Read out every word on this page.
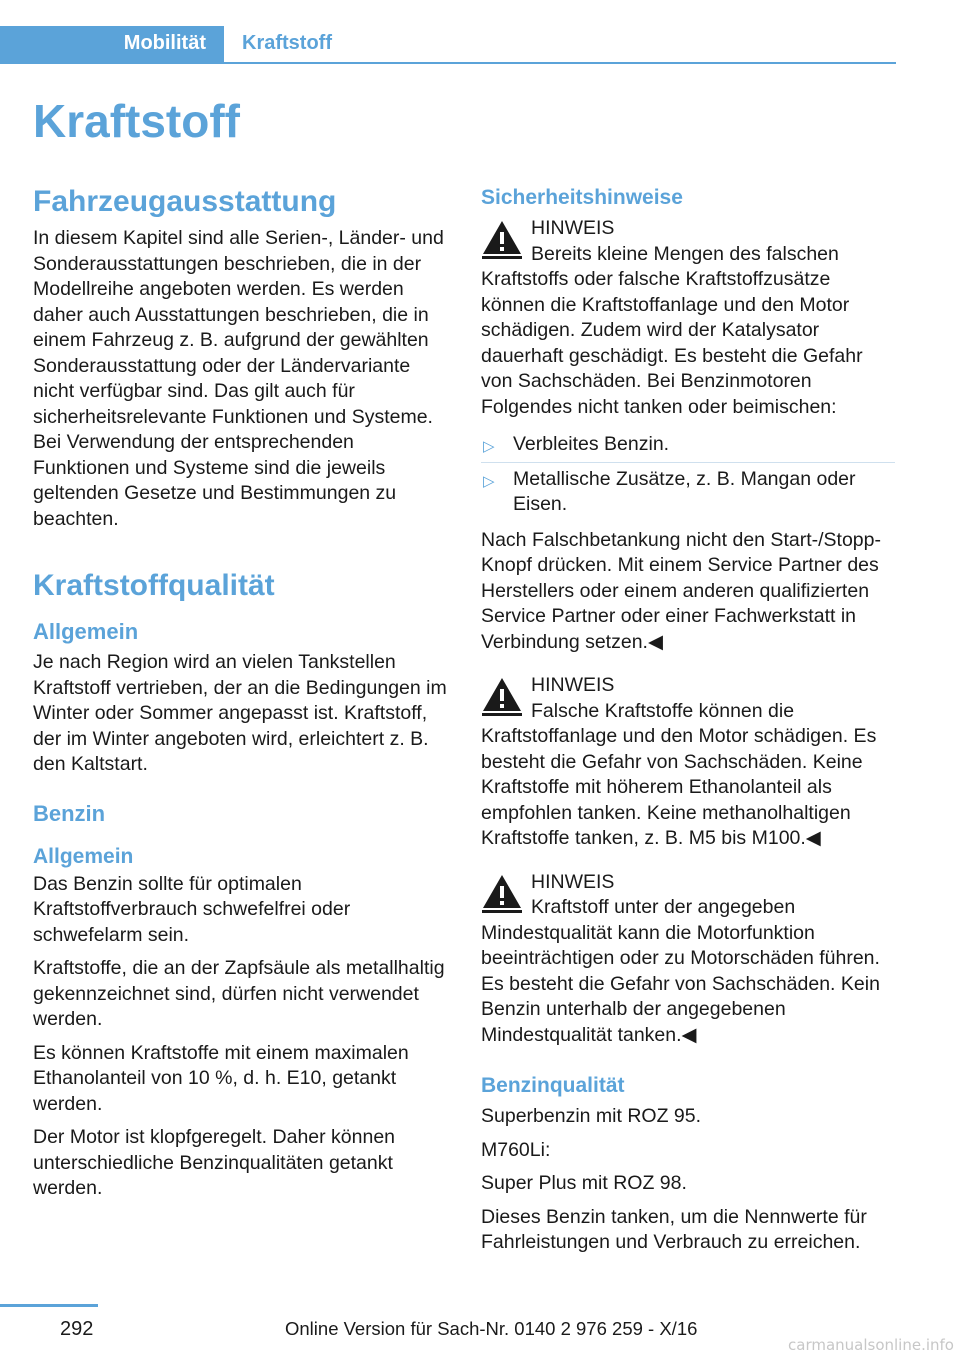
Mobilität Kraftstoff
Kraftstoff
Fahrzeugausstattung

In diesem Kapitel sind alle Serien-, Länder- und Sonderausstattungen beschrieben, die in der Modellreihe angeboten werden. Es werden daher auch Ausstattungen beschrieben, die in einem Fahrzeug z. B. aufgrund der gewählten Sonderausstattung oder der Ländervariante nicht verfügbar sind. Das gilt auch für sicherheitsrelevante Funktionen und Systeme. Bei Verwendung der entsprechenden Funktionen und Systeme sind die jeweils geltenden Gesetze und Bestimmungen zu beachten.

Kraftstoffqualität
Allgemein

Je nach Region wird an vielen Tankstellen Kraftstoff vertrieben, der an die Bedingungen im Winter oder Sommer angepasst ist. Kraftstoff, der im Winter angeboten wird, erleichtert z. B. den Kaltstart.

Benzin
Allgemein

Das Benzin sollte für optimalen Kraftstoffverbrauch schwefelfrei oder schwefelarm sein.

Kraftstoffe, die an der Zapfsäule als metallhaltig gekennzeichnet sind, dürfen nicht verwendet werden.

Es können Kraftstoffe mit einem maximalen Ethanolanteil von 10 %, d. h. E10, getankt werden.

Der Motor ist klopfgeregelt. Daher können unterschiedliche Benzinqualitäten getankt werden.

Sicherheitshinweise
HINWEIS

Bereits kleine Mengen des falschen Kraftstoffs oder falsche Kraftstoffzusätze können die Kraftstoffanlage und den Motor schädigen. Zudem wird der Katalysator dauerhaft geschädigt. Es besteht die Gefahr von Sachschäden. Bei Benzinmotoren Folgendes nicht tanken oder beimischen:

▷ Verbleites Benzin.
▷ Metallische Zusätze, z. B. Mangan oder Eisen.

Nach Falschbetankung nicht den Start-/Stopp-Knopf drücken. Mit einem Service Partner des Herstellers oder einem anderen qualifizierten Service Partner oder einer Fachwerkstatt in Verbindung setzen.◀

HINWEIS

Falsche Kraftstoffe können die Kraftstoffanlage und den Motor schädigen. Es besteht die Gefahr von Sachschäden. Keine Kraftstoffe mit höherem Ethanolanteil als empfohlen tanken. Keine methanolhaltigen Kraftstoffe tanken, z. B. M5 bis M100.◀

HINWEIS

Kraftstoff unter der angegeben Mindestqualität kann die Motorfunktion beeinträchtigen oder zu Motorschäden führen. Es besteht die Gefahr von Sachschäden. Kein Benzin unterhalb der angegebenen Mindestqualität tanken.◀

Benzinqualität

Superbenzin mit ROZ 95.

M760Li:

Super Plus mit ROZ 98.

Dieses Benzin tanken, um die Nennwerte für Fahrleistungen und Verbrauch zu erreichen.

292	Online Version für Sach-Nr. 0140 2 976 259 - X/16
carmanualsonline.info
